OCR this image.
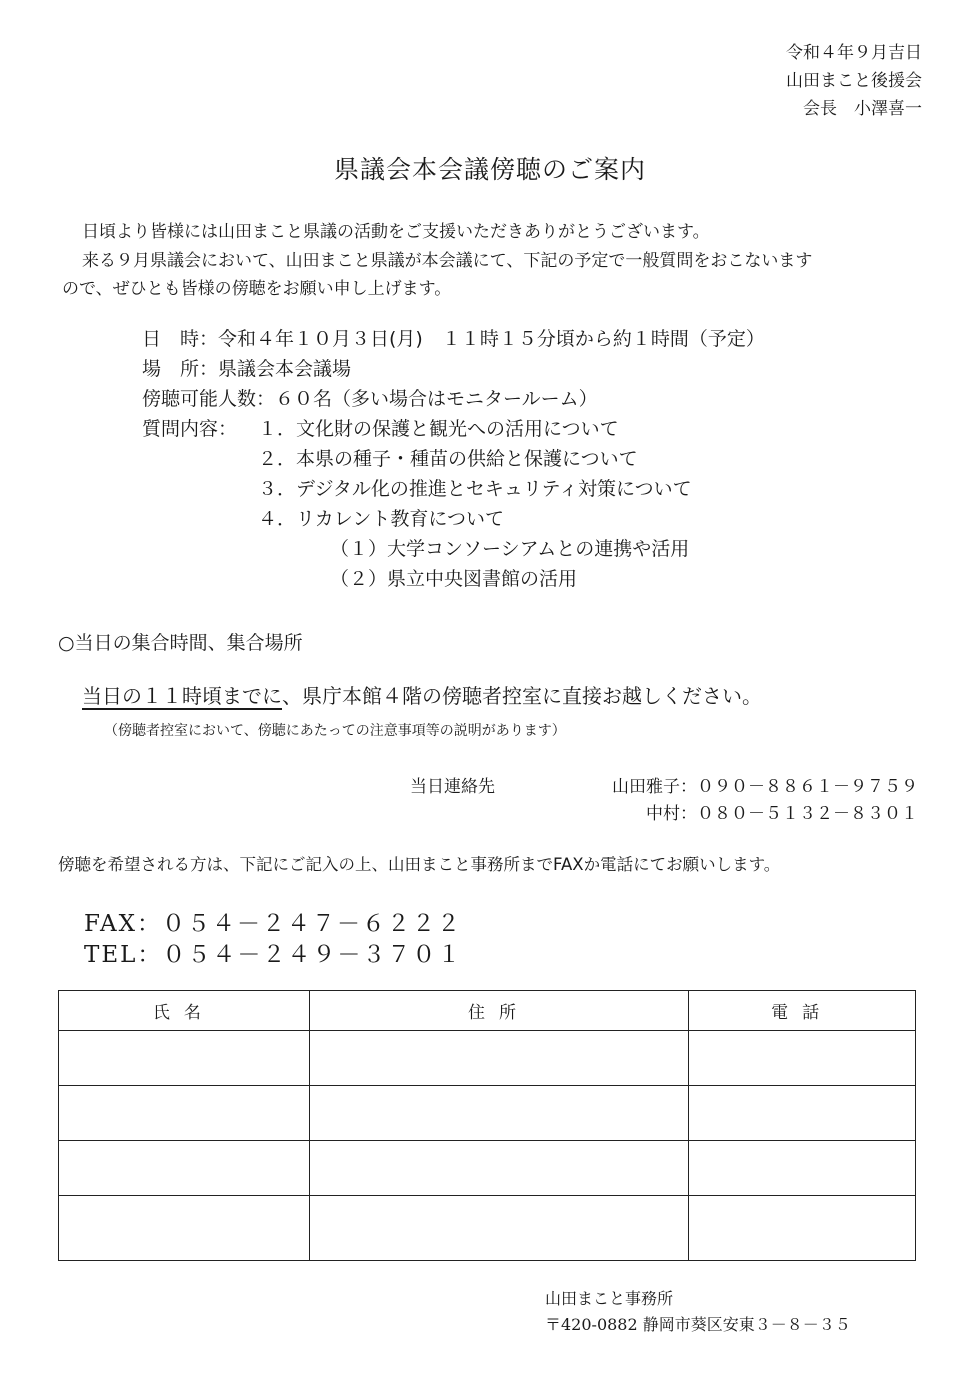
令和４年９月吉日
山田まこと後援会
会長　小澤喜一
県議会本会議傍聴のご案内
日頃より皆様には山田まこと県議の活動をご支援いただきありがとうございます。
来る９月県議会において、山田まこと県議が本会議にて、下記の予定で一般質問をおこないます
ので、ぜひとも皆様の傍聴をお願い申し上げます。
日　時：令和４年１０月３日(月)　１１時１５分頃から約１時間（予定）
場　所：県議会本会議場
傍聴可能人数：６０名（多い場合はモニタールーム）
質問内容： １．文化財の保護と観光への活用について
２．本県の種子・種苗の供給と保護について
３．デジタル化の推進とセキュリティ対策について
４．リカレント教育について
（１）大学コンソーシアムとの連携や活用
（２）県立中央図書館の活用
○当日の集合時間、集合場所
当日の１１時頃までに、県庁本館４階の傍聴者控室に直接お越しください。
（傍聴者控室において、傍聴にあたっての注意事項等の説明があります）
当日連絡先	山田雅子：０９０－８８６１－９７５９
中村：０８０－５１３２－８３０１
傍聴を希望される方は、下記にご記入の上、山田まこと事務所までFAXか電話にてお願いします。
FAX：０５４－２４７－６２２２
TEL：０５４－２４９－３７０１
氏名	住所	電話

山田まこと事務所
〒420-0882 静岡市葵区安東３－８－３５
